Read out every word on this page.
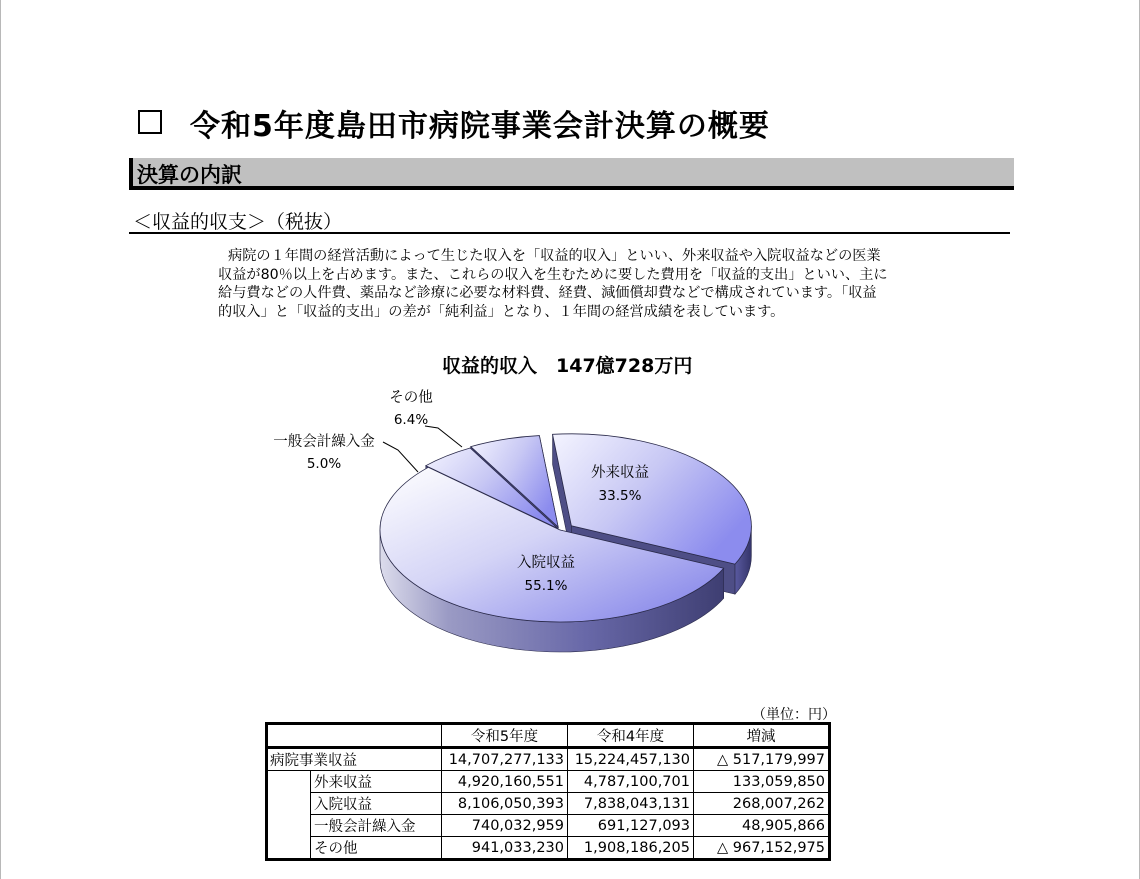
令和5年度島田市病院事業会計決算の概要
決算の内訳
＜収益的収支＞（税抜）
病院の１年間の経営活動によって生じた収入を「収益的収入」といい、外来収益や入院収益などの医業
収益が80％以上を占めます。また、これらの収入を生むために要した費用を「収益的支出」といい、主に
給与費などの人件費、薬品など診療に必要な材料費、経費、減価償却費などで構成されています。「収益
的収入」と「収益的支出」の差が「純利益」となり、１年間の経営成績を表しています。
収益的収入　147億728万円
外来収益
33.5%
入院収益
55.1%
一般会計繰入金
5.0%
その他
6.4%
（単位：円）
		令和5年度	令和4年度	増減
病院事業収益		14,707,277,133	15,224,457,130	△ 517,179,997
	外来収益	4,920,160,551	4,787,100,701	133,059,850
	入院収益	8,106,050,393	7,838,043,131	268,007,262
	一般会計繰入金	740,032,959	691,127,093	48,905,866
	その他	941,033,230	1,908,186,205	△ 967,152,975
